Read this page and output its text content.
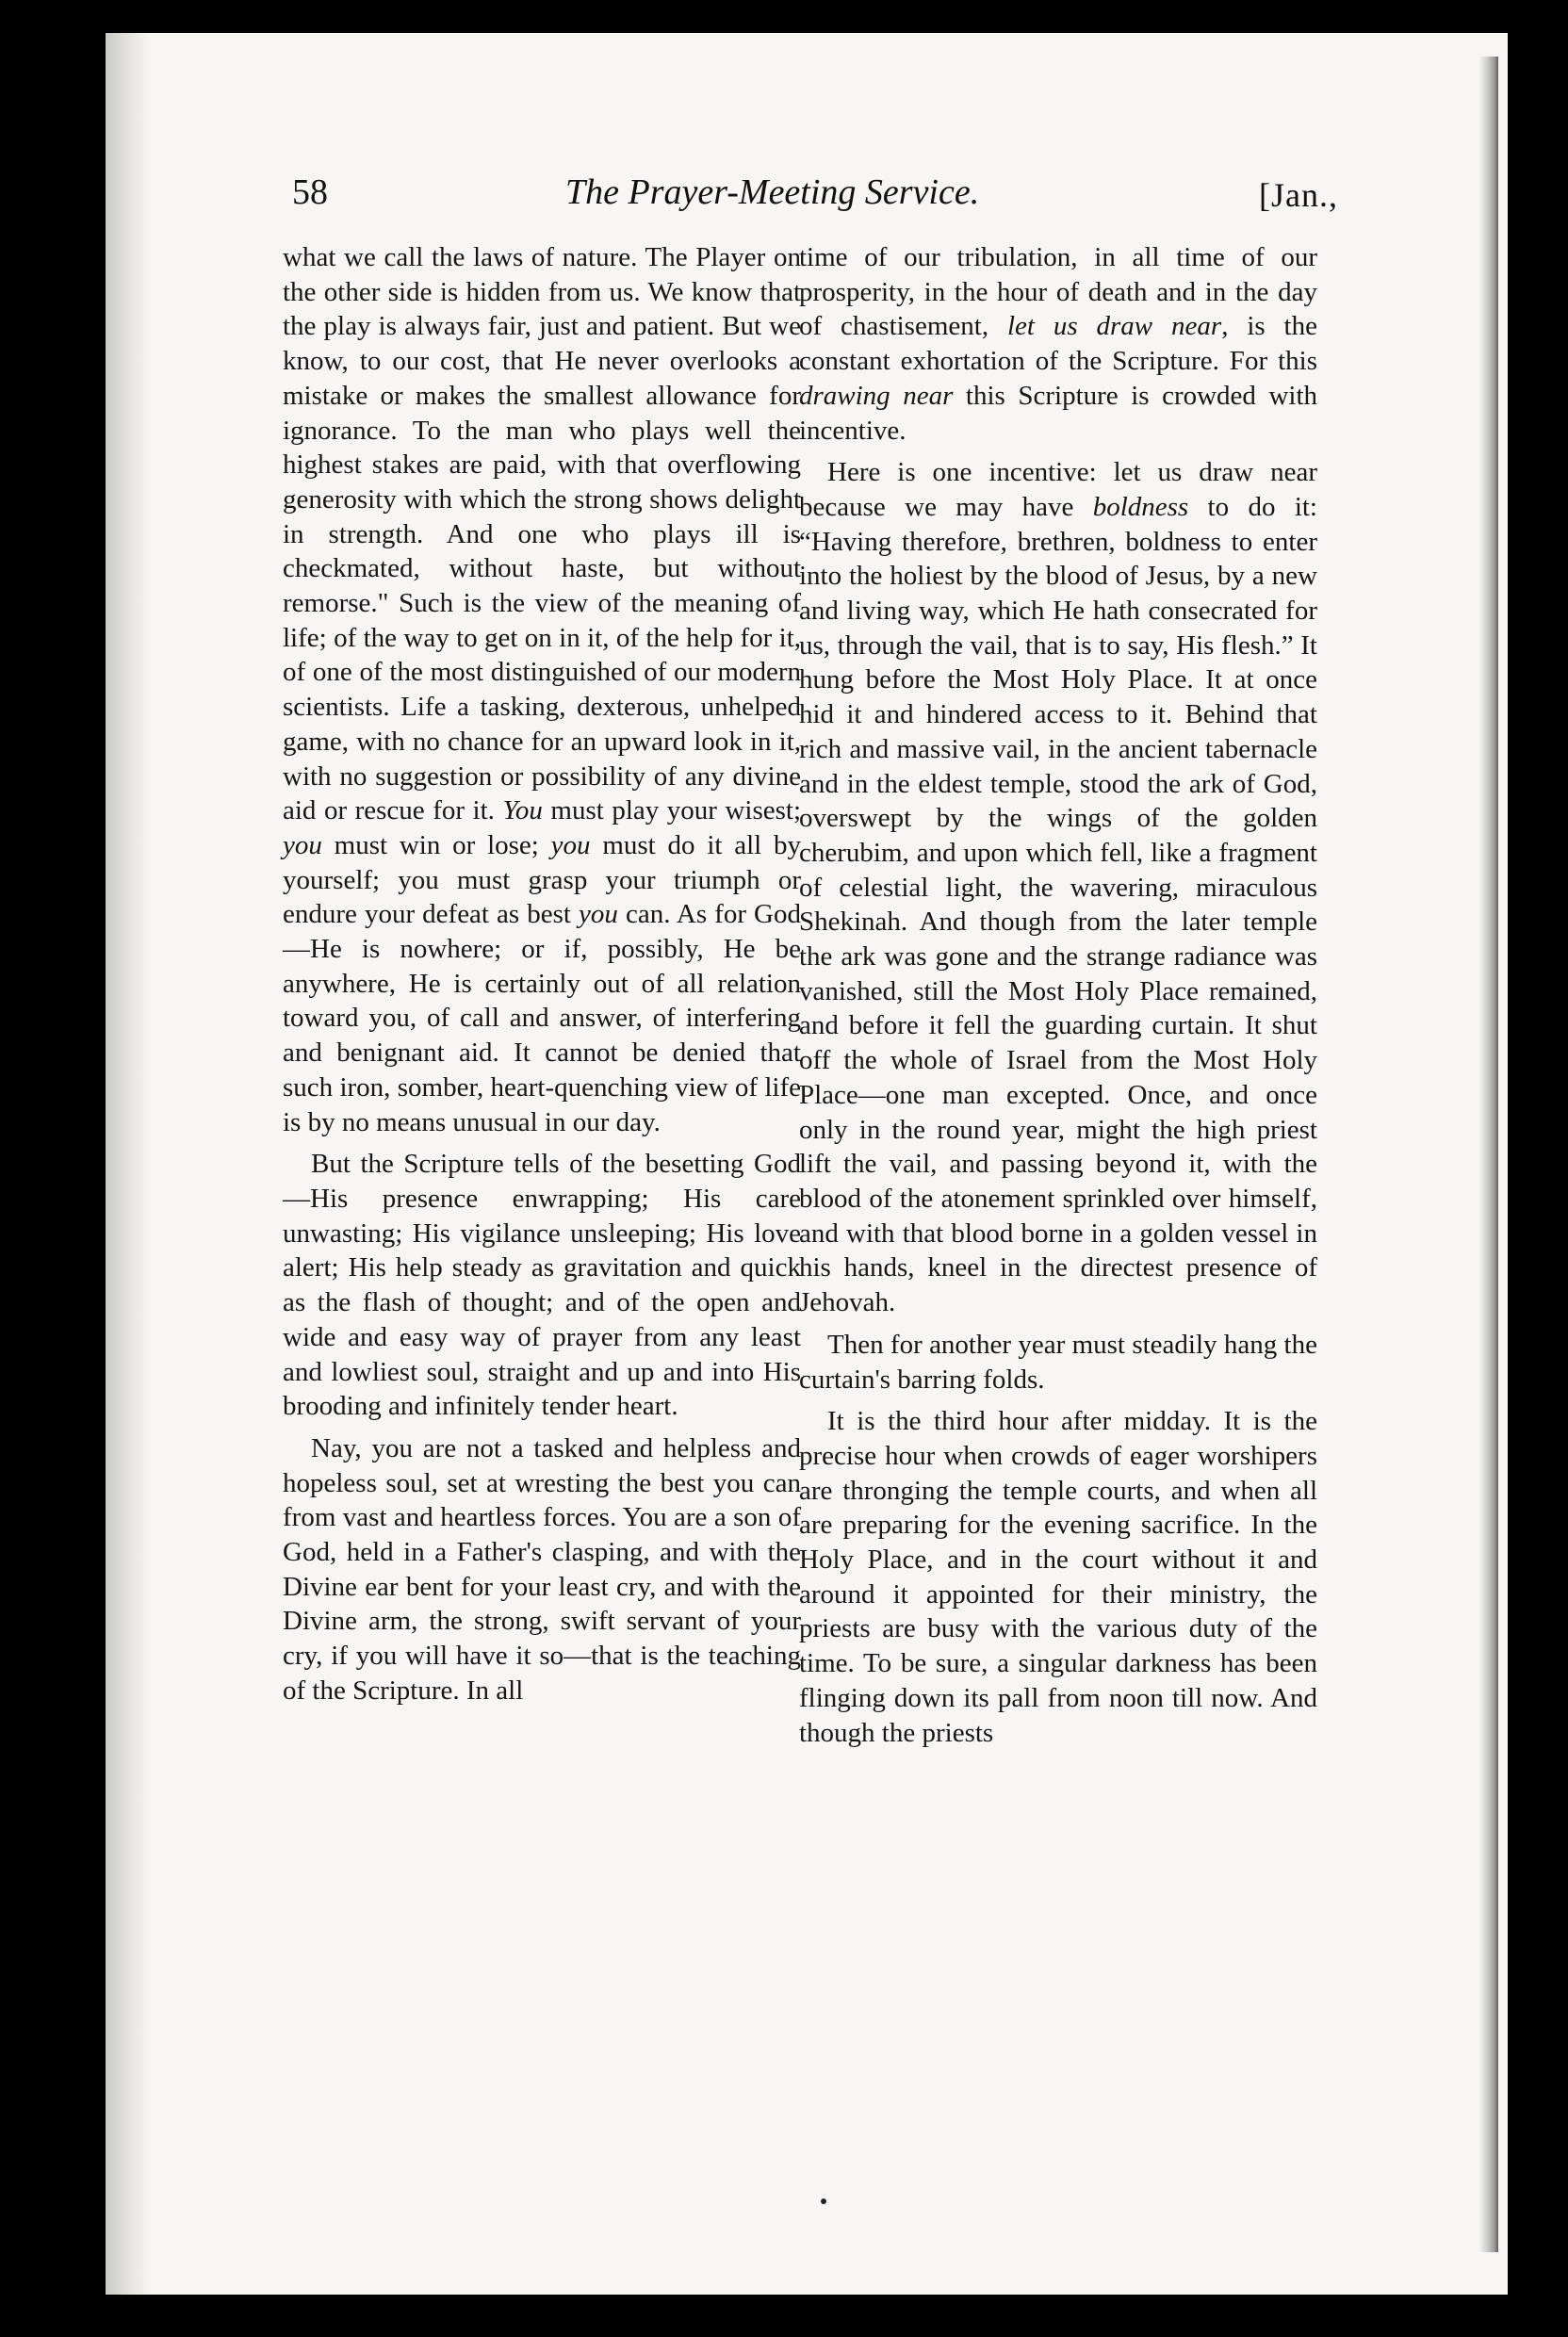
58	The Prayer-Meeting Service.	[Jan.,

what we call the laws of nature. The Player on the other side is hidden from us. We know that the play is always fair, just and patient. But we know, to our cost, that He never overlooks a mistake or makes the smallest allowance for ignorance. To the man who plays well the highest stakes are paid, with that overflowing generosity with which the strong shows delight in strength. And one who plays ill is checkmated, without haste, but without remorse." Such is the view of the meaning of life; of the way to get on in it, of the help for it, of one of the most distinguished of our modern scientists. Life a tasking, dexterous, unhelped game, with no chance for an upward look in it, with no suggestion or possibility of any divine aid or rescue for it. You must play your wisest; you must win or lose; you must do it all by yourself; you must grasp your triumph or endure your defeat as best you can. As for God—He is nowhere; or if, possibly, He be anywhere, He is certainly out of all relation toward you, of call and answer, of interfering and benignant aid. It cannot be denied that such iron, somber, heart-quenching view of life is by no means unusual in our day.

But the Scripture tells of the besetting God—His presence enwrapping; His care unwasting; His vigilance unsleeping; His love alert; His help steady as gravitation and quick as the flash of thought; and of the open and wide and easy way of prayer from any least and lowliest soul, straight and up and into His brooding and infinitely tender heart.

Nay, you are not a tasked and helpless and hopeless soul, set at wresting the best you can from vast and heartless forces. You are a son of God, held in a Father's clasping, and with the Divine ear bent for your least cry, and with the Divine arm, the strong, swift servant of your cry, if you will have it so—that is the teaching of the Scripture. In all

time of our tribulation, in all time of our prosperity, in the hour of death and in the day of chastisement, let us draw near, is the constant exhortation of the Scripture. For this drawing near this Scripture is crowded with incentive.

Here is one incentive: let us draw near because we may have boldness to do it: “Having therefore, brethren, boldness to enter into the holiest by the blood of Jesus, by a new and living way, which He hath consecrated for us, through the vail, that is to say, His flesh.” It hung before the Most Holy Place. It at once hid it and hindered access to it. Behind that rich and massive vail, in the ancient tabernacle and in the eldest temple, stood the ark of God, overswept by the wings of the golden cherubim, and upon which fell, like a fragment of celestial light, the wavering, miraculous Shekinah. And though from the later temple the ark was gone and the strange radiance was vanished, still the Most Holy Place remained, and before it fell the guarding curtain. It shut off the whole of Israel from the Most Holy Place—one man excepted. Once, and once only in the round year, might the high priest lift the vail, and passing beyond it, with the blood of the atonement sprinkled over himself, and with that blood borne in a golden vessel in his hands, kneel in the directest presence of Jehovah.

Then for another year must steadily hang the curtain's barring folds.

It is the third hour after midday. It is the precise hour when crowds of eager worshipers are thronging the temple courts, and when all are preparing for the evening sacrifice. In the Holy Place, and in the court without it and around it appointed for their ministry, the priests are busy with the various duty of the time. To be sure, a singular darkness has been flinging down its pall from noon till now. And though the priests
